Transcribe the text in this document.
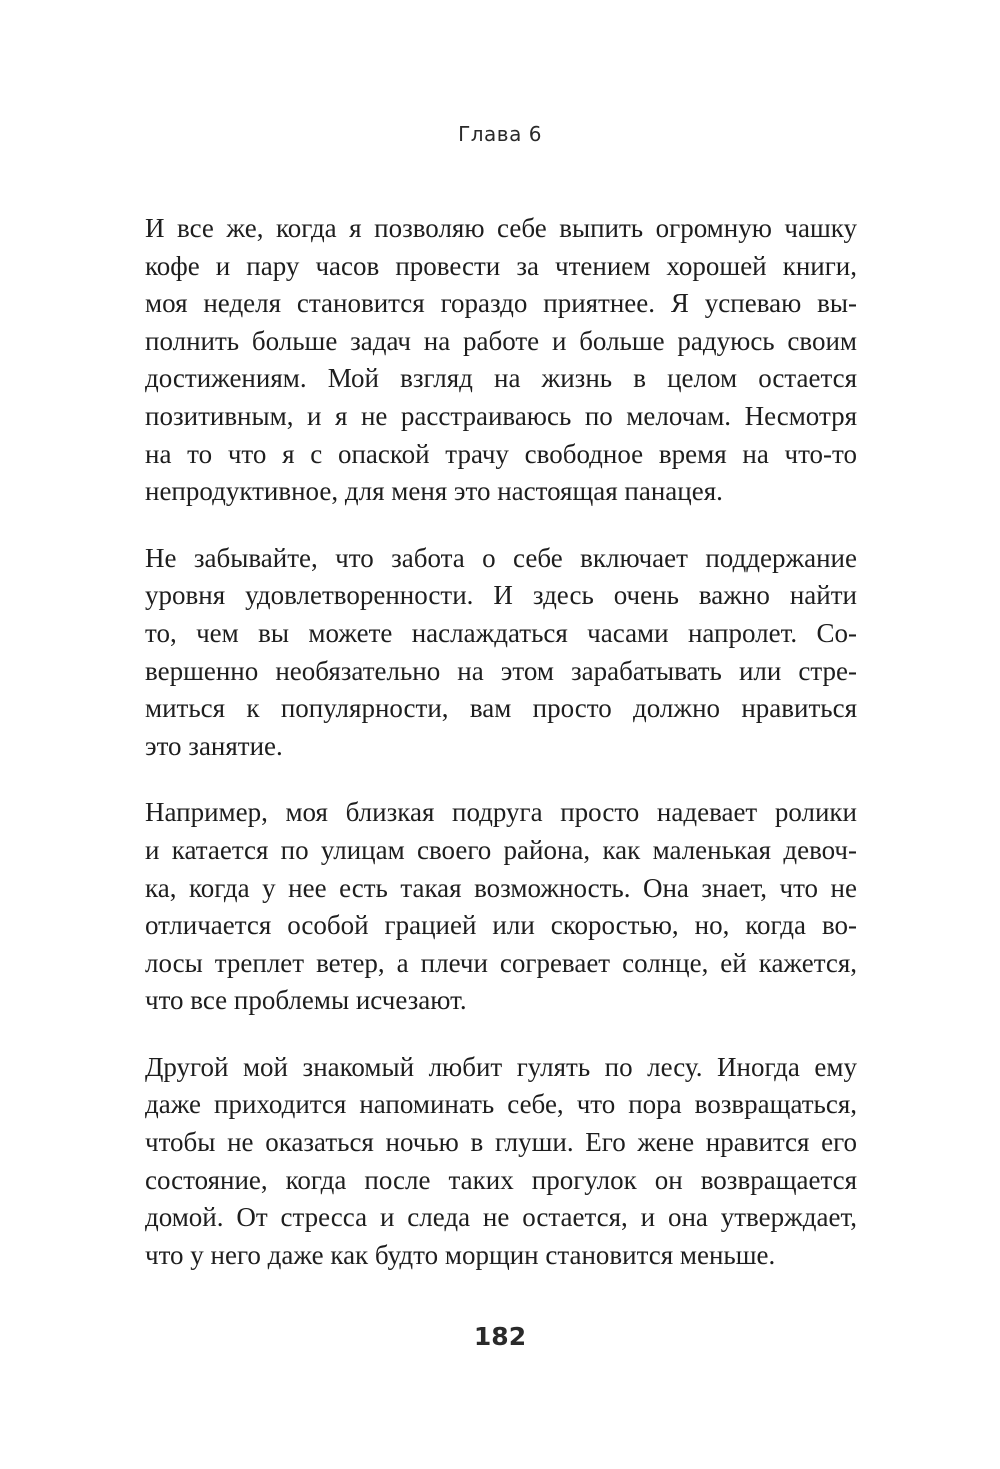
Глава 6
И все же, когда я позволяю себе выпить огромную чашку
кофе и пару часов провести за чтением хорошей книги,
моя неделя становится гораздо приятнее. Я успеваю вы-
полнить больше задач на работе и больше радуюсь своим
достижениям. Мой взгляд на жизнь в целом остается
позитивным, и я не расстраиваюсь по мелочам. Несмотря
на то что я с опаской трачу свободное время на что-то
непродуктивное, для меня это настоящая панацея.
Не забывайте, что забота о себе включает поддержание
уровня удовлетворенности. И здесь очень важно найти
то, чем вы можете наслаждаться часами напролет. Со-
вершенно необязательно на этом зарабатывать или стре-
миться к популярности, вам просто должно нравиться
это занятие.
Например, моя близкая подруга просто надевает ролики
и катается по улицам своего района, как маленькая девоч-
ка, когда у нее есть такая возможность. Она знает, что не
отличается особой грацией или скоростью, но, когда во-
лосы треплет ветер, а плечи согревает солнце, ей кажется,
что все проблемы исчезают.
Другой мой знакомый любит гулять по лесу. Иногда ему
даже приходится напоминать себе, что пора возвращаться,
чтобы не оказаться ночью в глуши. Его жене нравится его
состояние, когда после таких прогулок он возвращается
домой. От стресса и следа не остается, и она утверждает,
что у него даже как будто морщин становится меньше.
182
